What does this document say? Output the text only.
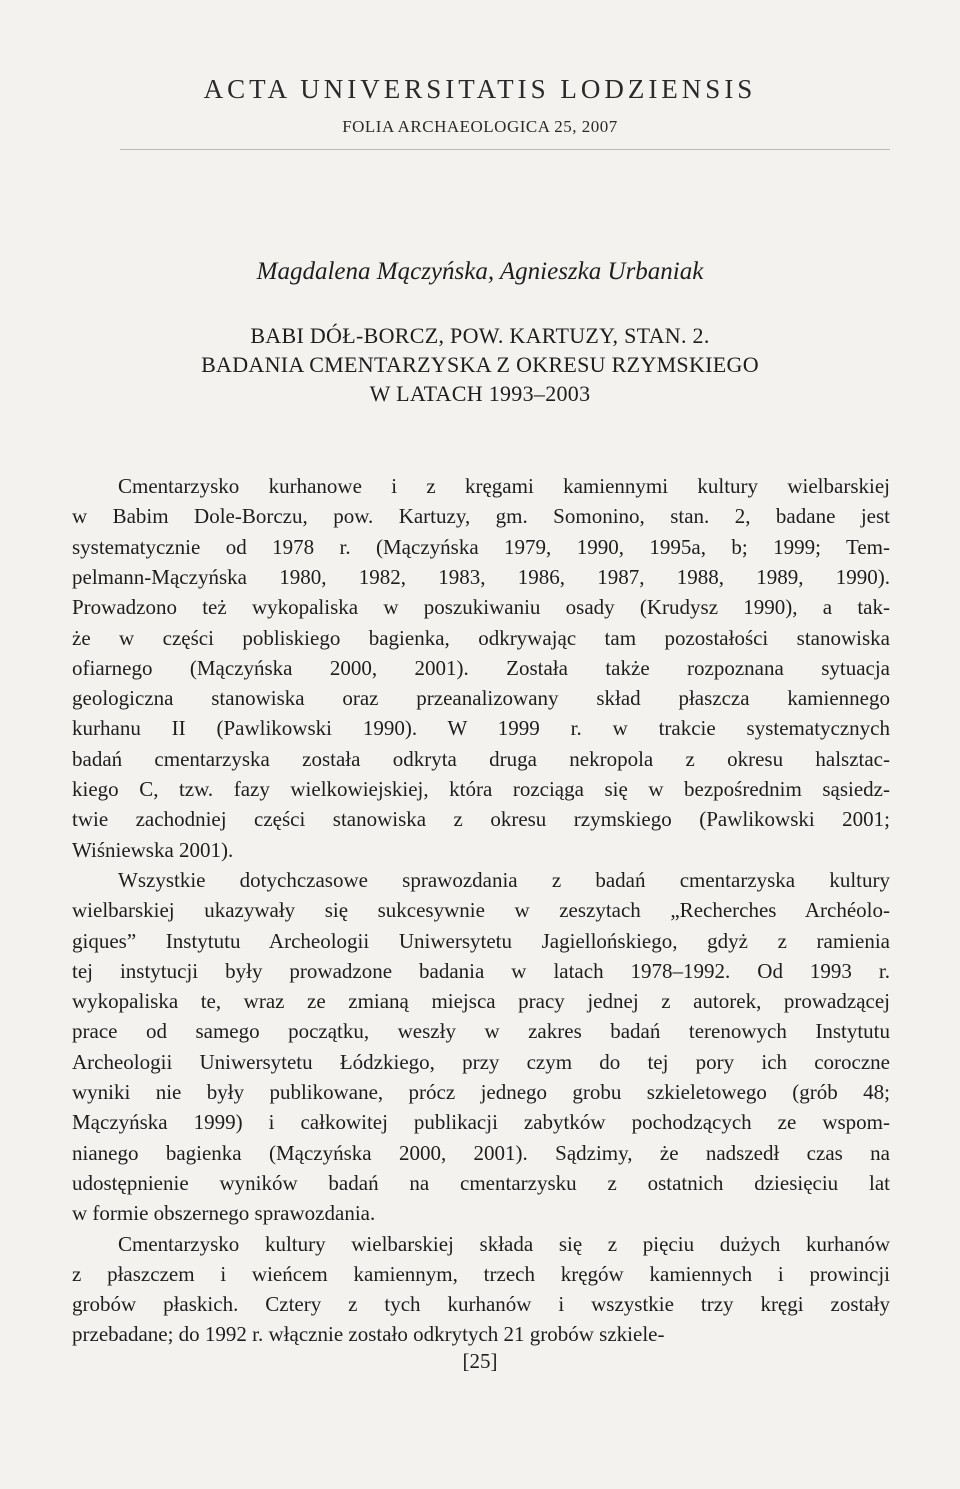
ACTA UNIVERSITATIS LODZIENSIS
FOLIA ARCHAEOLOGICA 25, 2007
Magdalena Mączyńska, Agnieszka Urbaniak
BABI DÓŁ-BORCZ, POW. KARTUZY, STAN. 2.
BADANIA CMENTARZYSKA Z OKRESU RZYMSKIEGO
W LATACH 1993–2003
Cmentarzysko kurhanowe i z kręgami kamiennymi kultury wielbarskiej
w Babim Dole-Borczu, pow. Kartuzy, gm. Somonino, stan. 2, badane jest
systematycznie od 1978 r. (Mączyńska 1979, 1990, 1995a, b; 1999; Tem-
pelmann-Mączyńska 1980, 1982, 1983, 1986, 1987, 1988, 1989, 1990).
Prowadzono też wykopaliska w poszukiwaniu osady (Krudysz 1990), a tak-
że w części pobliskiego bagienka, odkrywając tam pozostałości stanowiska
ofiarnego (Mączyńska 2000, 2001). Została także rozpoznana sytuacja
geologiczna stanowiska oraz przeanalizowany skład płaszcza kamiennego
kurhanu II (Pawlikowski 1990). W 1999 r. w trakcie systematycznych
badań cmentarzyska została odkryta druga nekropola z okresu halsztac-
kiego C, tzw. fazy wielkowiejskiej, która rozciąga się w bezpośrednim sąsiedz-
twie zachodniej części stanowiska z okresu rzymskiego (Pawlikowski 2001;
Wiśniewska 2001).
Wszystkie dotychczasowe sprawozdania z badań cmentarzyska kultury
wielbarskiej ukazywały się sukcesywnie w zeszytach „Recherches Archéolo-
giques” Instytutu Archeologii Uniwersytetu Jagiellońskiego, gdyż z ramienia
tej instytucji były prowadzone badania w latach 1978–1992. Od 1993 r.
wykopaliska te, wraz ze zmianą miejsca pracy jednej z autorek, prowadzącej
prace od samego początku, weszły w zakres badań terenowych Instytutu
Archeologii Uniwersytetu Łódzkiego, przy czym do tej pory ich coroczne
wyniki nie były publikowane, prócz jednego grobu szkieletowego (grób 48;
Mączyńska 1999) i całkowitej publikacji zabytków pochodzących ze wspom-
nianego bagienka (Mączyńska 2000, 2001). Sądzimy, że nadszedł czas na
udostępnienie wyników badań na cmentarzysku z ostatnich dziesięciu lat
w formie obszernego sprawozdania.
Cmentarzysko kultury wielbarskiej składa się z pięciu dużych kurhanów
z płaszczem i wieńcem kamiennym, trzech kręgów kamiennych i prowincji
grobów płaskich. Cztery z tych kurhanów i wszystkie trzy kręgi zostały
przebadane; do 1992 r. włącznie zostało odkrytych 21 grobów szkiele-
[25]
